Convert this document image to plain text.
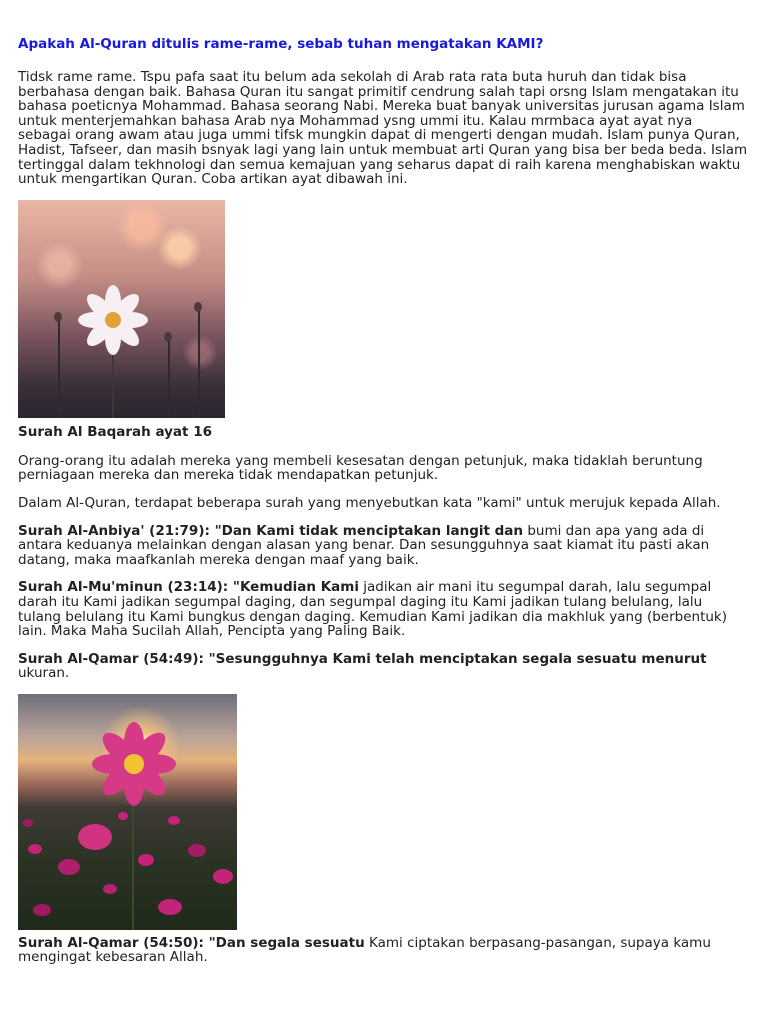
Apakah Al-Quran ditulis rame-rame, sebab tuhan mengatakan KAMI?

Tidsk rame rame. Tspu pafa saat itu belum ada sekolah di Arab rata rata buta huruh dan tidak bisa berbahasa dengan baik. Bahasa Quran itu sangat primitif cendrung salah tapi orsng Islam mengatakan itu bahasa poeticnya Mohammad. Bahasa seorang Nabi. Mereka buat banyak universitas jurusan agama Islam untuk menterjemahkan bahasa Arab nya Mohammad ysng ummi itu. Kalau mrmbaca ayat ayat nya sebagai orang awam atau juga ummi tifsk mungkin dapat di mengerti dengan mudah. Islam punya Quran, Hadist, Tafseer, dan masih bsnyak lagi yang lain untuk membuat arti Quran yang bisa ber beda beda. Islam tertinggal dalam tekhnologi dan semua kemajuan yang seharus dapat di raih karena menghabiskan waktu untuk mengartikan Quran. Coba artikan ayat dibawah ini.

Surah Al Baqarah ayat 16

Orang-orang itu adalah mereka yang membeli kesesatan dengan petunjuk, maka tidaklah beruntung perniagaan mereka dan mereka tidak mendapatkan petunjuk.

Dalam Al-Quran, terdapat beberapa surah yang menyebutkan kata "kami" untuk merujuk kepada Allah.

Surah Al-Anbiya' (21:79): "Dan Kami tidak menciptakan langit dan bumi dan apa yang ada di antara keduanya melainkan dengan alasan yang benar. Dan sesungguhnya saat kiamat itu pasti akan datang, maka maafkanlah mereka dengan maaf yang baik.

Surah Al-Mu'minun (23:14): "Kemudian Kami jadikan air mani itu segumpal darah, lalu segumpal darah itu Kami jadikan segumpal daging, dan segumpal daging itu Kami jadikan tulang belulang, lalu tulang belulang itu Kami bungkus dengan daging. Kemudian Kami jadikan dia makhluk yang (berbentuk) lain. Maka Maha Sucilah Allah, Pencipta yang Paling Baik.

Surah Al-Qamar (54:49): "Sesungguhnya Kami telah menciptakan segala sesuatu menurut ukuran.

Surah Al-Qamar (54:50): "Dan segala sesuatu Kami ciptakan berpasang-pasangan, supaya kamu mengingat kebesaran Allah.
